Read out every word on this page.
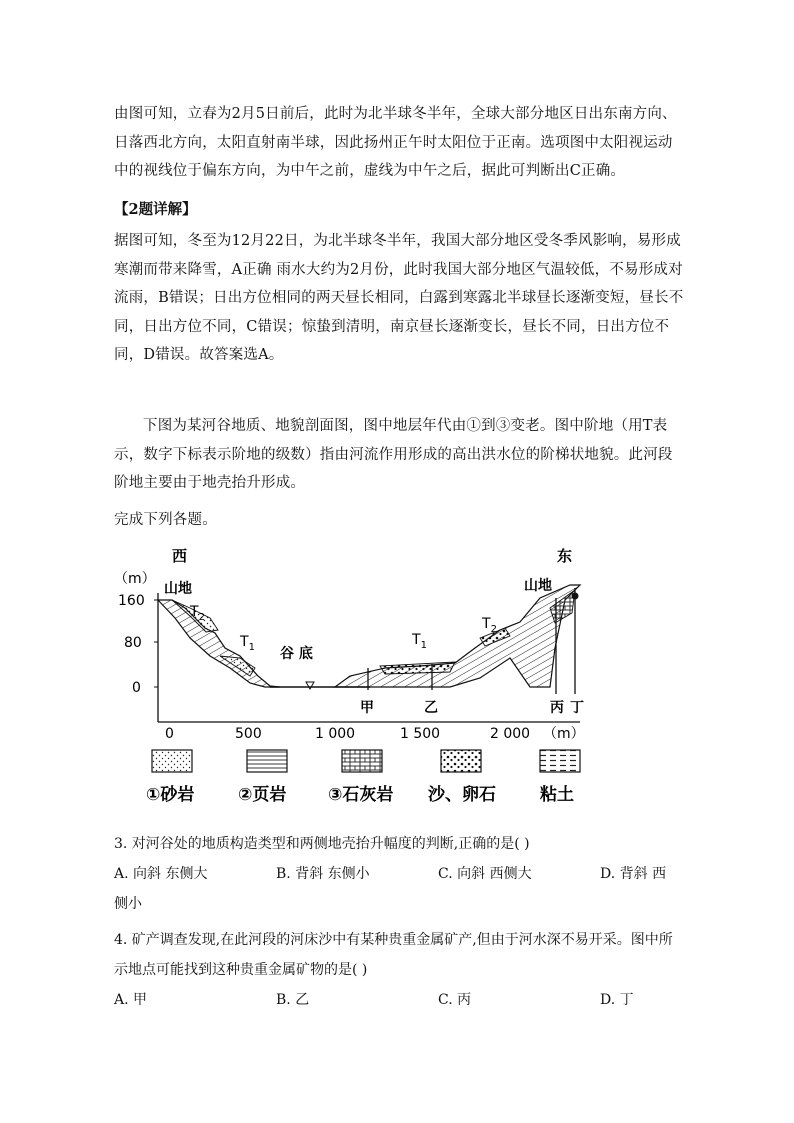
由图可知，立春为2月5日前后，此时为北半球冬半年，全球大部分地区日出东南方向、日落西北方向，太阳直射南半球，因此扬州正午时太阳位于正南。选项图中太阳视运动中的视线位于偏东方向，为中午之前，虚线为中午之后，据此可判断出C正确。
【2题详解】
据图可知，冬至为12月22日，为北半球冬半年，我国大部分地区受冬季风影响，易形成寒潮而带来降雪，A正确 雨水大约为2月份，此时我国大部分地区气温较低，不易形成对流雨，B错误；日出方位相同的两天昼长相同，白露到寒露北半球昼长逐渐变短，昼长不同，日出方位不同，C错误；惊蛰到清明，南京昼长逐渐变长，昼长不同，日出方位不同，D错误。故答案选A。
下图为某河谷地质、地貌剖面图，图中地层年代由①到③变老。图中阶地（用T表示，数字下标表示阶地的级数）指由河流作用形成的高出洪水位的阶梯状地貌。此河段阶地主要由于地壳抬升形成。
完成下列各题。
西	东
（m）
160
80
0
0	500	1 000	1 500	2 000 （m）
山地	山地
$T_2$
$T_1$	$T_1$
$T_2$
谷 底
甲	乙	丙 丁
①砂岩	②页岩 ③石灰岩 沙、卵石	粘土
3. 对河谷处的地质构造类型和两侧地壳抬升幅度的判断,正确的是( )
A. 向斜 东侧大	B. 背斜 东侧小	C. 向斜 西侧大	D. 背斜 西
侧小
4. 矿产调查发现,在此河段的河床沙中有某种贵重金属矿产,但由于河水深不易开采。图中所
示地点可能找到这种贵重金属矿物的是( )
A. 甲	B. 乙	C. 丙	D. 丁
